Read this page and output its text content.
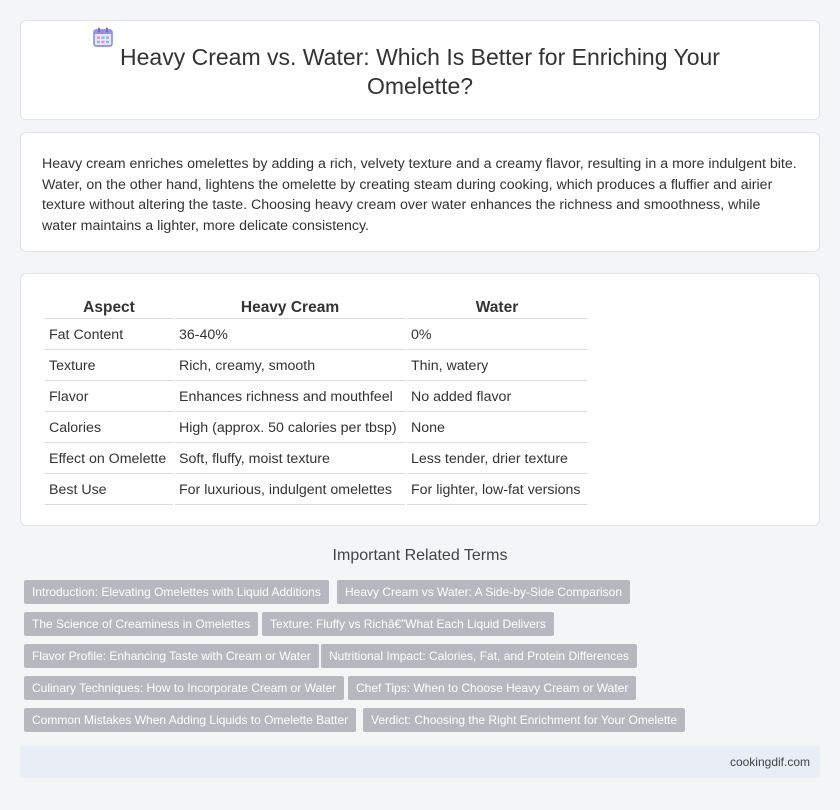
Heavy Cream vs. Water: Which Is Better for Enriching Your Omelette?

Heavy cream enriches omelettes by adding a rich, velvety texture and a creamy flavor, resulting in a more indulgent bite. Water, on the other hand, lightens the omelette by creating steam during cooking, which produces a fluffier and airier texture without altering the taste. Choosing heavy cream over water enhances the richness and smoothness, while water maintains a lighter, more delicate consistency.

Aspect	Heavy Cream	Water
Fat Content	36-40%	0%
Texture	Rich, creamy, smooth	Thin, watery
Flavor	Enhances richness and mouthfeel	No added flavor
Calories	High (approx. 50 calories per tbsp)	None
Effect on Omelette	Soft, fluffy, moist texture	Less tender, drier texture
Best Use	For luxurious, indulgent omelettes	For lighter, low-fat versions
Important Related Terms
Introduction: Elevating Omelettes with Liquid Additions	Heavy Cream vs Water: A Side-by-Side Comparison
The Science of Creaminess in Omelettes	Texture: Fluffy vs Richâ€”What Each Liquid Delivers
Flavor Profile: Enhancing Taste with Cream or Water	Nutritional Impact: Calories, Fat, and Protein Differences
Culinary Techniques: How to Incorporate Cream or Water	Chef Tips: When to Choose Heavy Cream or Water
Common Mistakes When Adding Liquids to Omelette Batter	Verdict: Choosing the Right Enrichment for Your Omelette
cookingdif.com
